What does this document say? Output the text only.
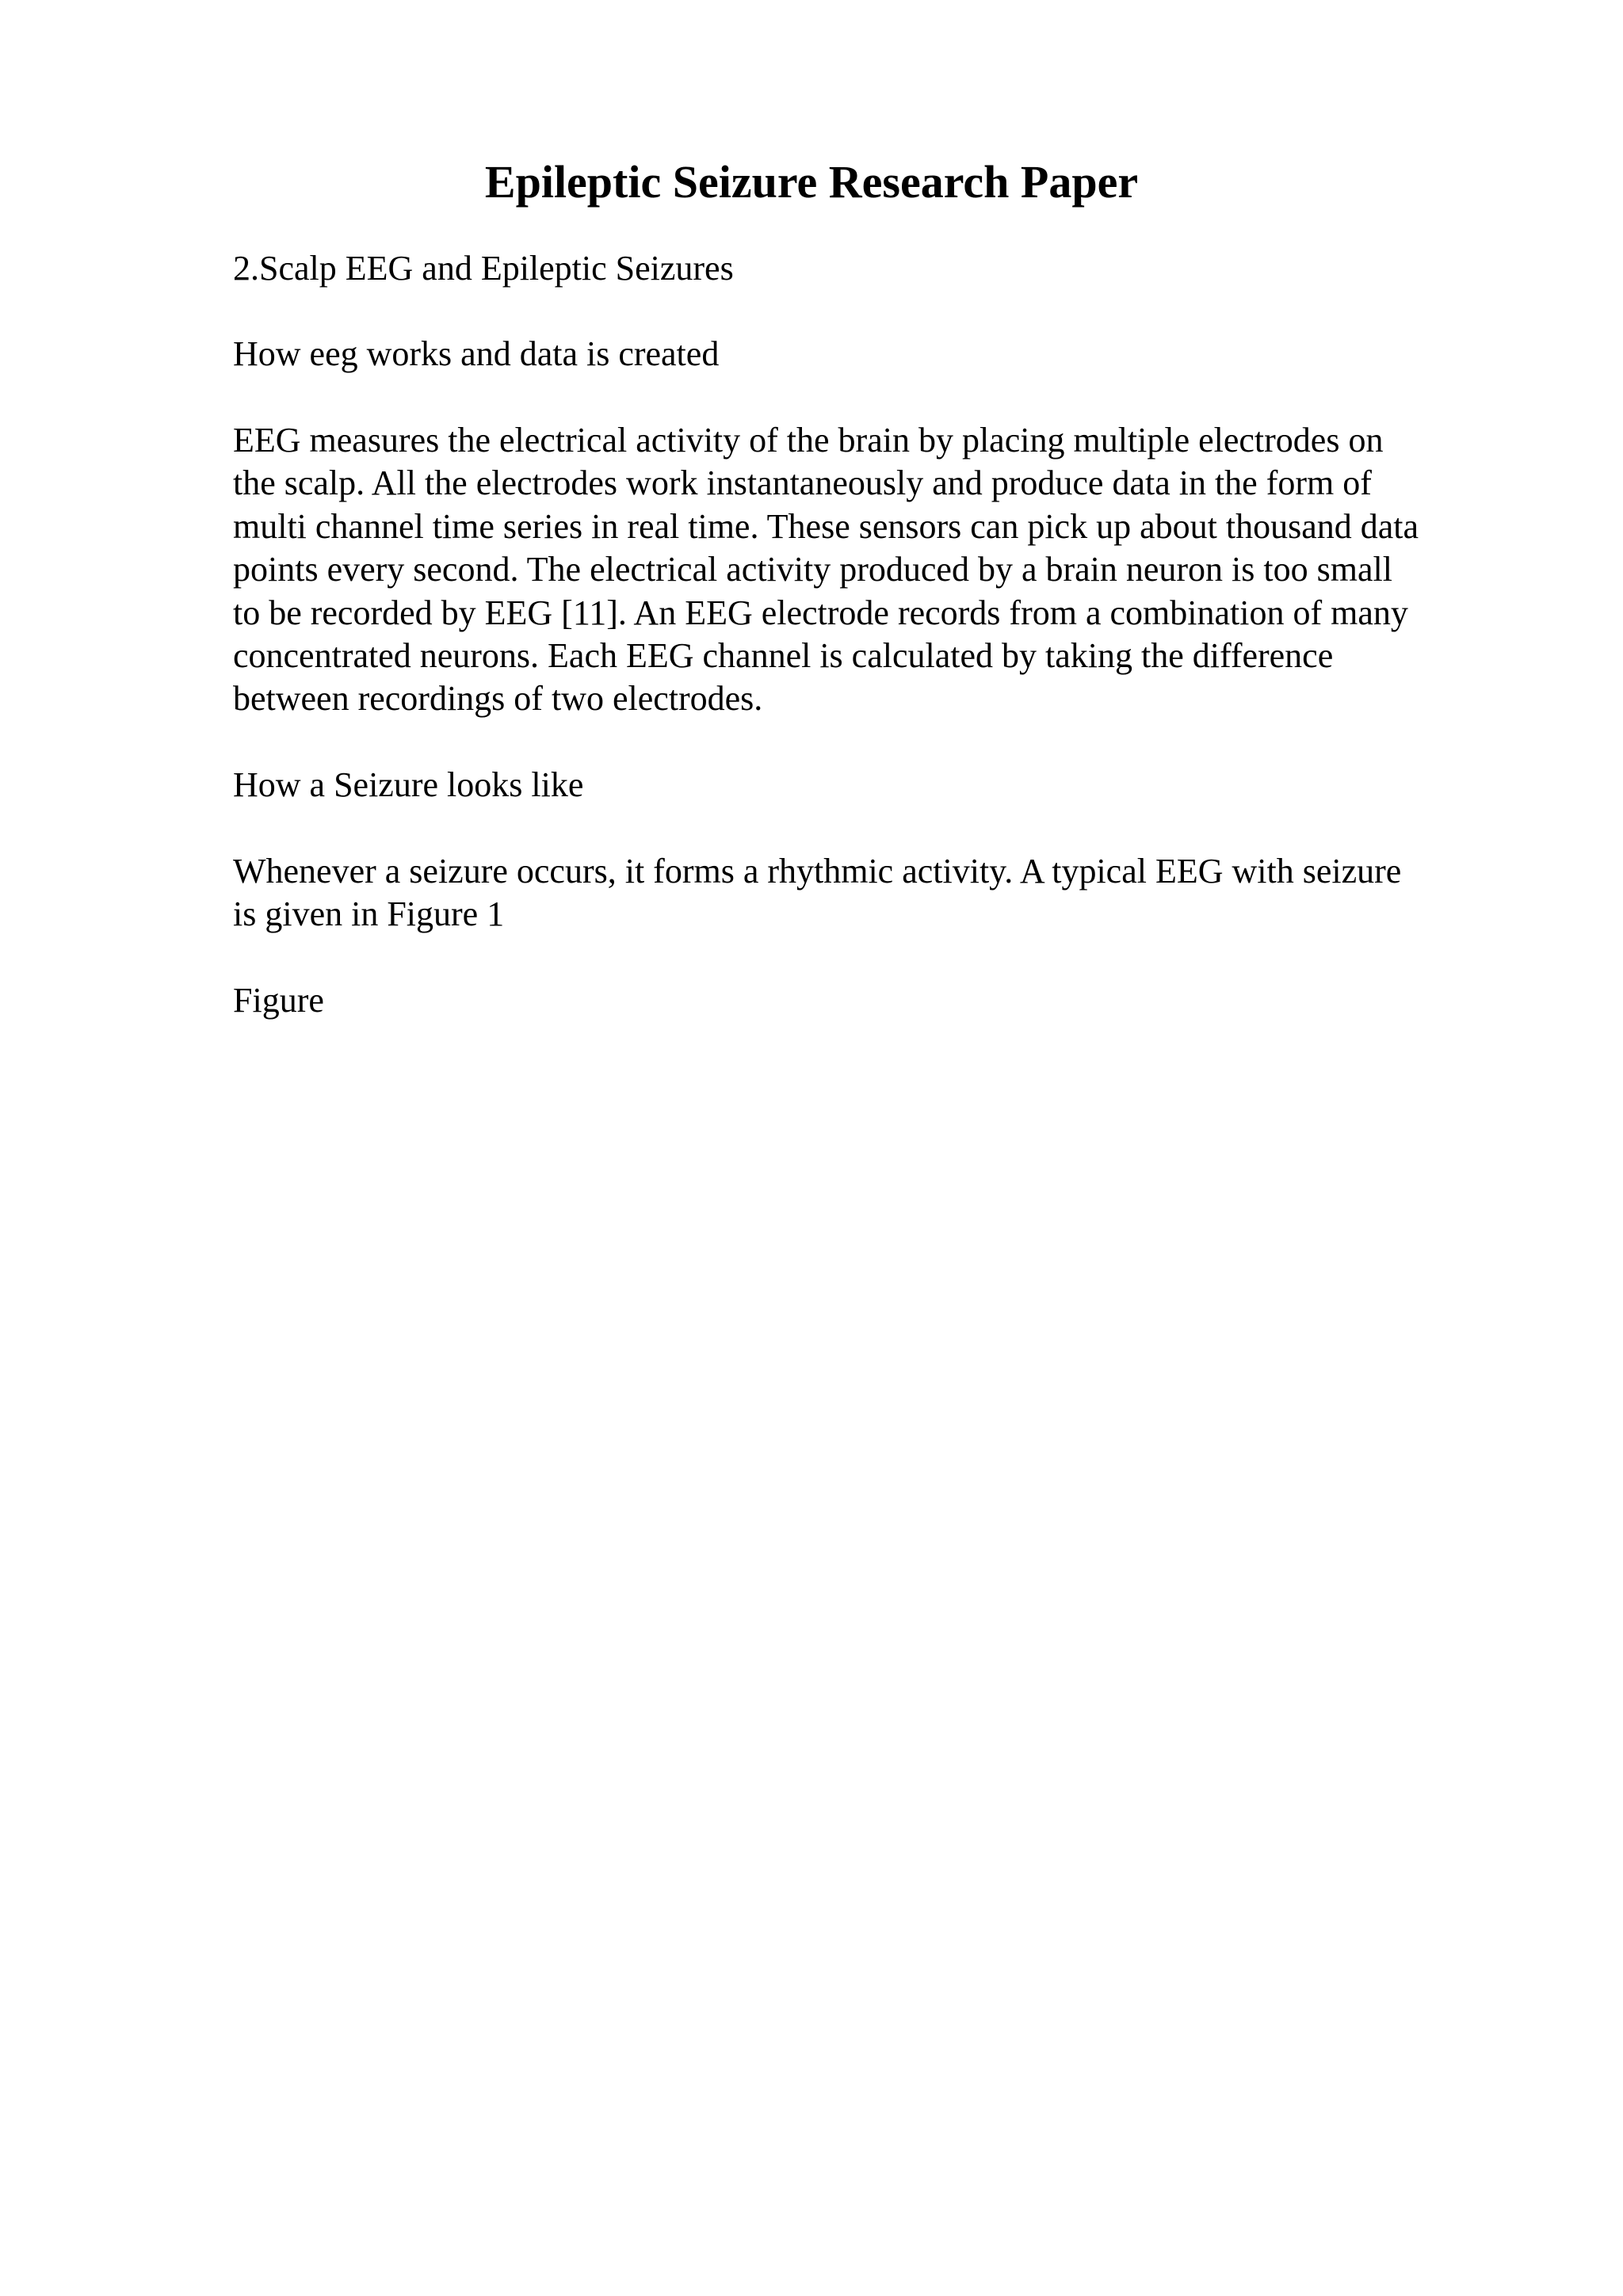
Epileptic Seizure Research Paper

2.Scalp EEG and Epileptic Seizures

How eeg works and data is created

EEG measures the electrical activity of the brain by placing multiple electrodes on
the scalp. All the electrodes work instantaneously and produce data in the form of
multi channel time series in real time. These sensors can pick up about thousand data
points every second. The electrical activity produced by a brain neuron is too small
to be recorded by EEG [11]. An EEG electrode records from a combination of many
concentrated neurons. Each EEG channel is calculated by taking the difference
between recordings of two electrodes.

How a Seizure looks like

Whenever a seizure occurs, it forms a rhythmic activity. A typical EEG with seizure
is given in Figure 1

Figure
